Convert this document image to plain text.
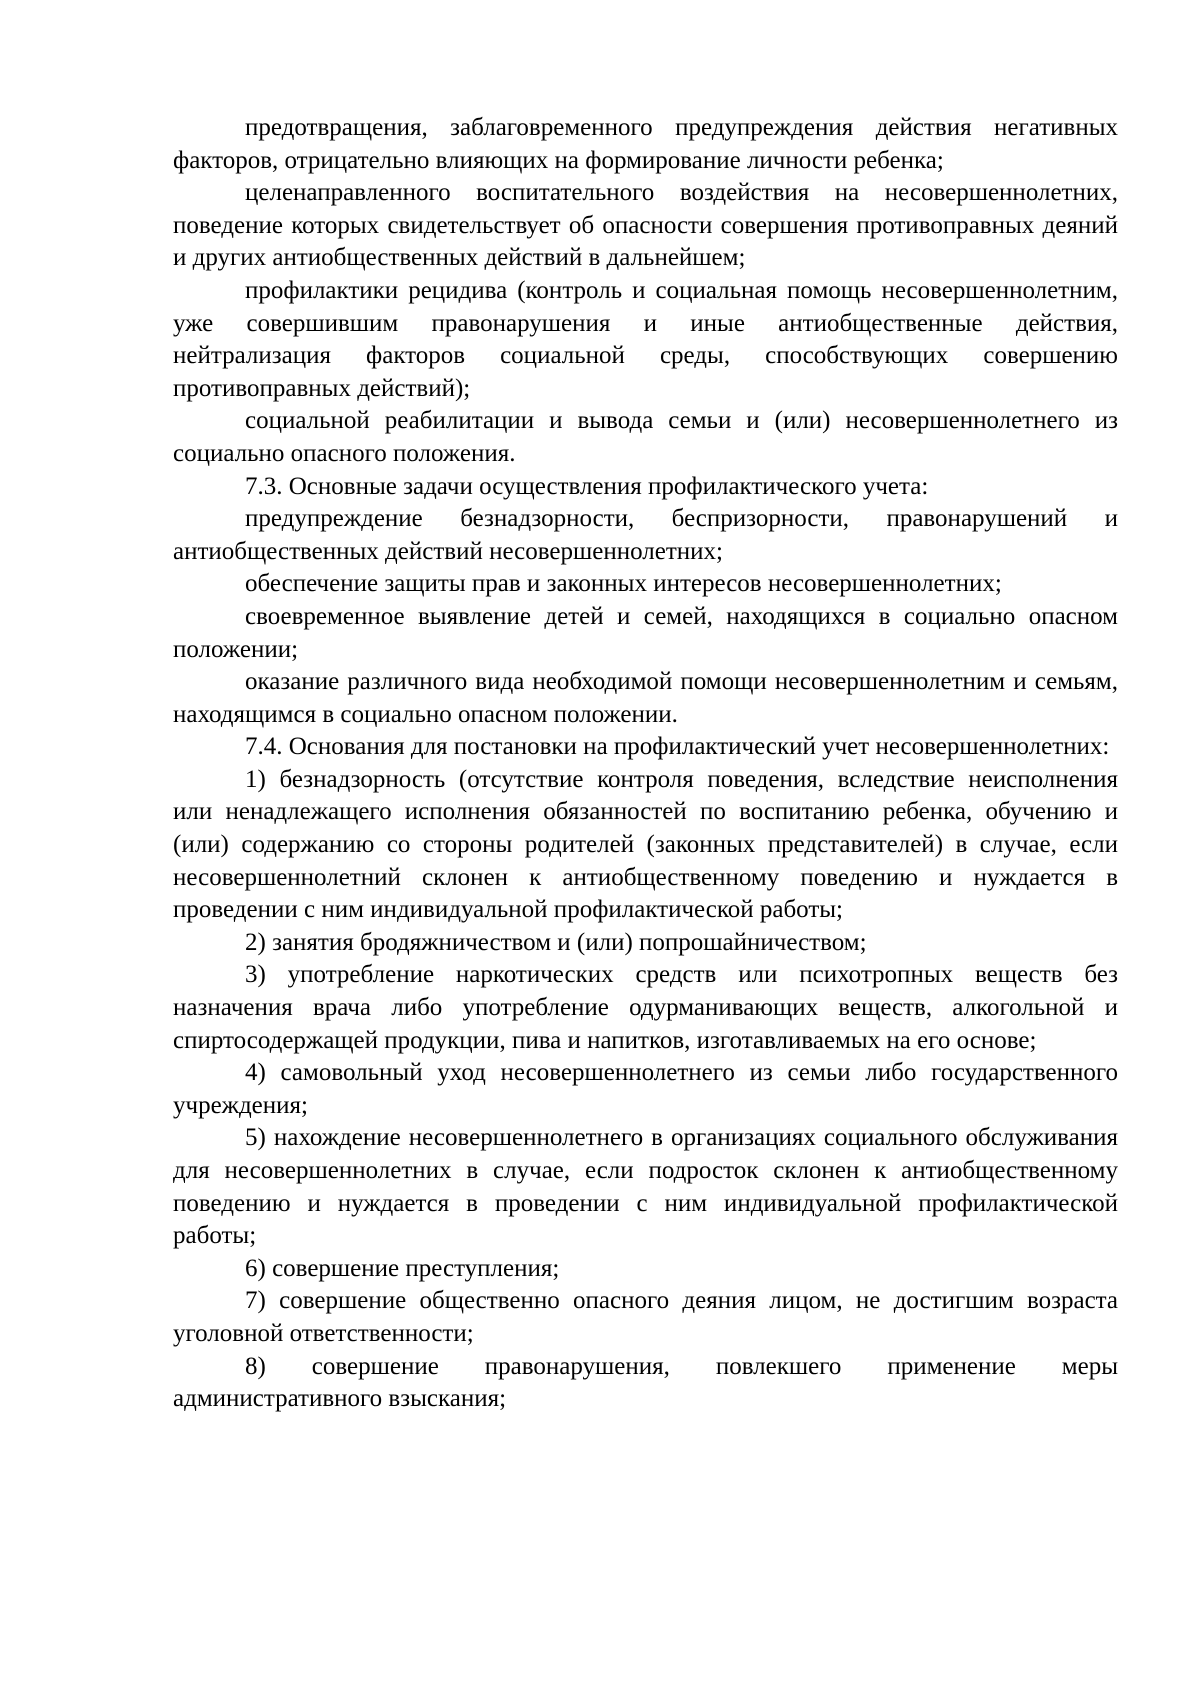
предотвращения, заблаговременного предупреждения действия негативных факторов, отрицательно влияющих на формирование личности ребенка;

целенаправленного воспитательного воздействия на несовершеннолетних, поведение которых свидетельствует об опасности совершения противоправных деяний и других антиобщественных действий в дальнейшем;

профилактики рецидива (контроль и социальная помощь несовершеннолетним, уже совершившим правонарушения и иные антиобщественные действия, нейтрализация факторов социальной среды, способствующих совершению противоправных действий);

социальной реабилитации и вывода семьи и (или) несовершеннолетнего из социально опасного положения.

7.3. Основные задачи осуществления профилактического учета:

предупреждение безнадзорности, беспризорности, правонарушений и антиобщественных действий несовершеннолетних;

обеспечение защиты прав и законных интересов несовершеннолетних;

своевременное выявление детей и семей, находящихся в социально опасном положении;

оказание различного вида необходимой помощи несовершеннолетним и семьям, находящимся в социально опасном положении.

7.4. Основания для постановки на профилактический учет несовершеннолетних:

1) безнадзорность (отсутствие контроля поведения, вследствие неисполнения или ненадлежащего исполнения обязанностей по воспитанию ребенка, обучению и (или) содержанию со стороны родителей (законных представителей) в случае, если несовершеннолетний склонен к антиобщественному поведению и нуждается в проведении с ним индивидуальной профилактической работы;

2) занятия бродяжничеством и (или) попрошайничеством;

3) употребление наркотических средств или психотропных веществ без назначения врача либо употребление одурманивающих веществ, алкогольной и спиртосодержащей продукции, пива и напитков, изготавливаемых на его основе;

4) самовольный уход несовершеннолетнего из семьи либо государственного учреждения;

5) нахождение несовершеннолетнего в организациях социального обслуживания для несовершеннолетних в случае, если подросток склонен к антиобщественному поведению и нуждается в проведении с ним индивидуальной профилактической работы;

6) совершение преступления;

7) совершение общественно опасного деяния лицом, не достигшим возраста уголовной ответственности;

8) совершение правонарушения, повлекшего применение меры административного взыскания;
